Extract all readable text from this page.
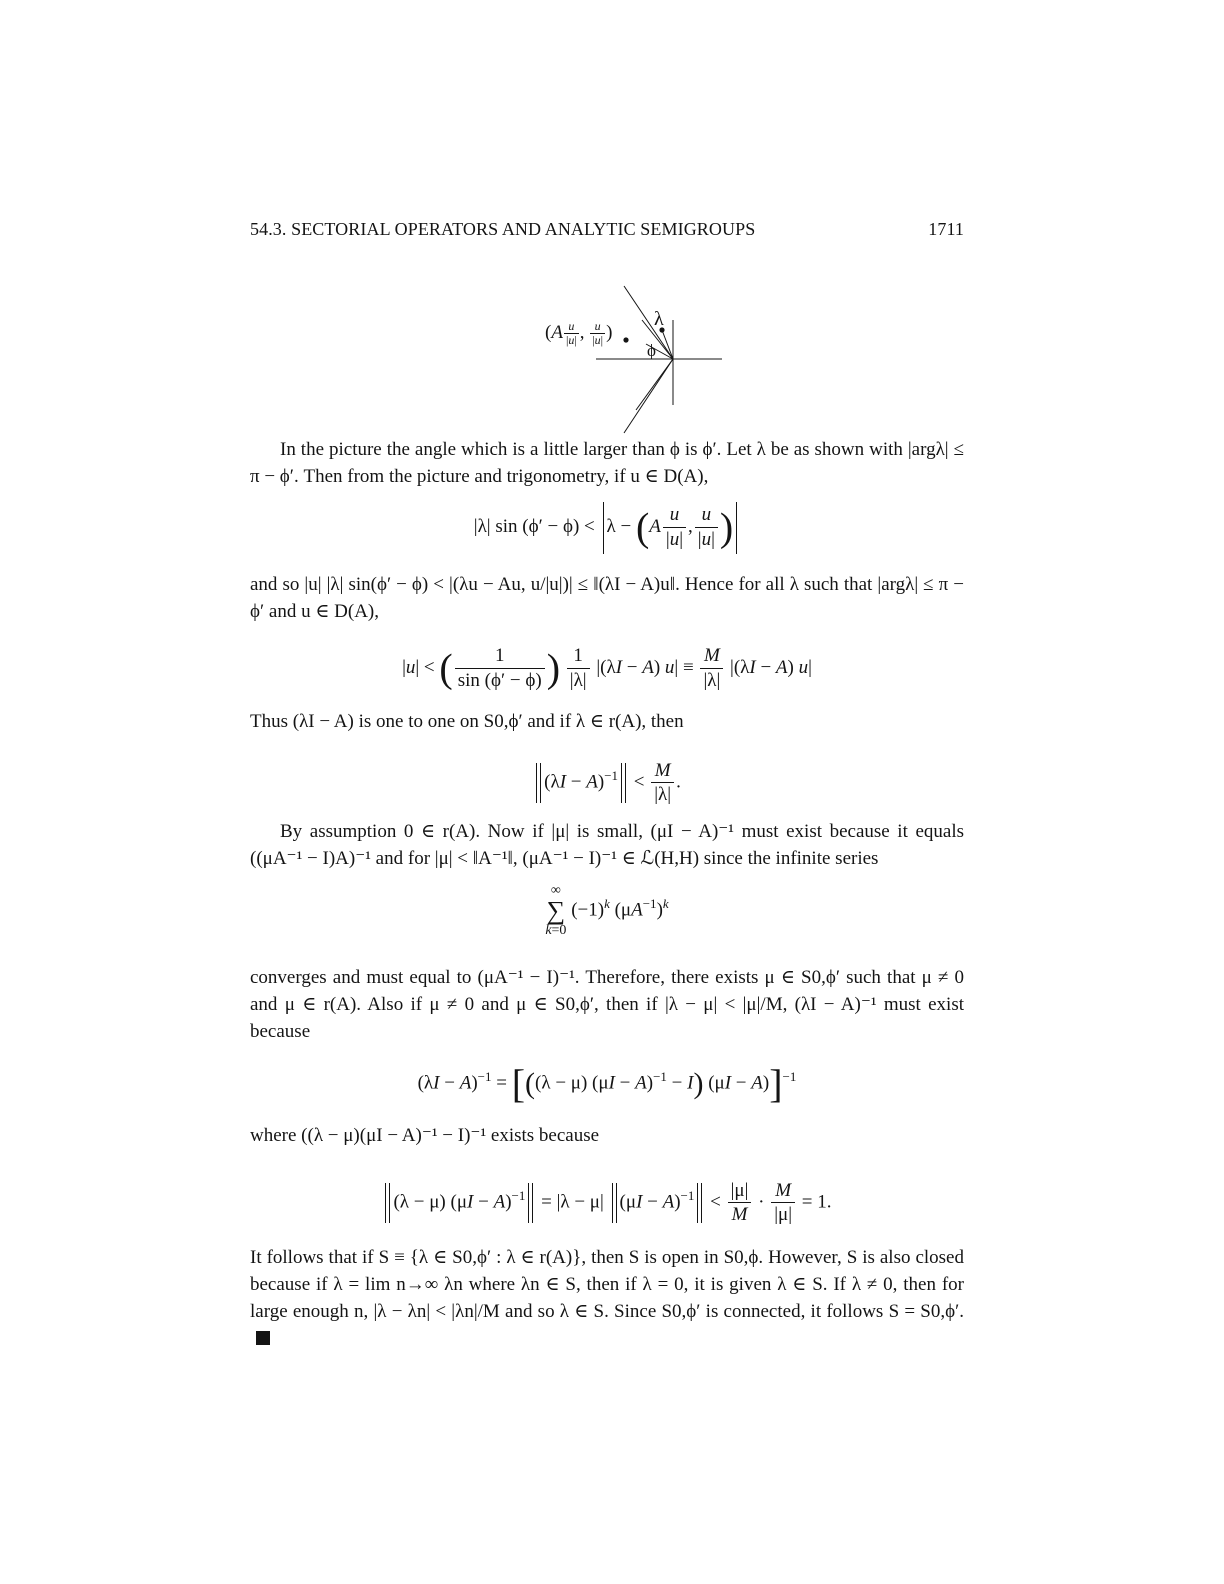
54.3. SECTORIAL OPERATORS AND ANALYTIC SEMIGROUPS	1711
λ
ϕ
($A \frac{u}{|u|}$ , $\frac{u}{|u|}$ )

In the picture the angle which is a little larger than ϕ is ϕ′. Let λ be as shown with |argλ| ≤ π − ϕ′. Then from the picture and trigonometry, if u ∈ D(A),

|λ| $\sin (\phi' - \phi) < \lambda - (A \frac{u}{|u|}$ , $\frac{u}{|u|}$ )

and so |u| |λ| sin(ϕ′ − ϕ) < |(λu − Au, u/|u|)| ≤ ‖(λI − A)u‖. Hence for all λ such that |argλ| ≤ π − ϕ′ and u ∈ D(A),

|u| < ( $\frac{1}{\sin (\phi' - \phi)}$ ) $\frac{1}{|\lambda|} |(\lambda I - A) u| \equiv \frac{M}{|\lambda|} |(\lambda I - A)$ u|

Thus (λI − A) is one to one on S0,ϕ′ and if λ ∈ r(A), then

$(\lambda I - A)^{-1} < \frac{M}{|\lambda|}$ .

By assumption 0 ∈ r(A). Now if |μ| is small, (μI − A)⁻¹ must exist because it equals ((μA⁻¹ − I)A)⁻¹ and for |μ| < ‖A⁻¹‖, (μA⁻¹ − I)⁻¹ ∈ ℒ(H,H) since the infinite series

∞
∑
k=0
$(-1)^k$ $(\mu A^{-1})^k$

converges and must equal to (μA⁻¹ − I)⁻¹. Therefore, there exists μ ∈ S0,ϕ′ such that μ ≠ 0 and μ ∈ r(A). Also if μ ≠ 0 and μ ∈ S0,ϕ′, then if |λ − μ| < |μ|/M, (λI − A)⁻¹ must exist because

$(\lambda I - A)^{-1} = [((\lambda - \mu) (\mu I - A)^{-1} - I)$ (μI − A)]$^{-1}$

where ((λ − μ)(μI − A)⁻¹ − I)⁻¹ exists because

(λ − μ) $(\mu I - A)^{-1} = |\lambda - \mu|$ $(\mu I - A)^{-1} < \frac{|\mu|}{M} \cdot \frac{M}{|\mu|} = 1$.

It follows that if S ≡ {λ ∈ S0,ϕ′ : λ ∈ r(A)}, then S is open in S0,ϕ. However, S is also closed because if λ = lim n→∞ λn where λn ∈ S, then if λ = 0, it is given λ ∈ S. If λ ≠ 0, then for large enough n, |λ − λn| < |λn|/M and so λ ∈ S. Since S0,ϕ′ is connected, it follows S = S0,ϕ′.
